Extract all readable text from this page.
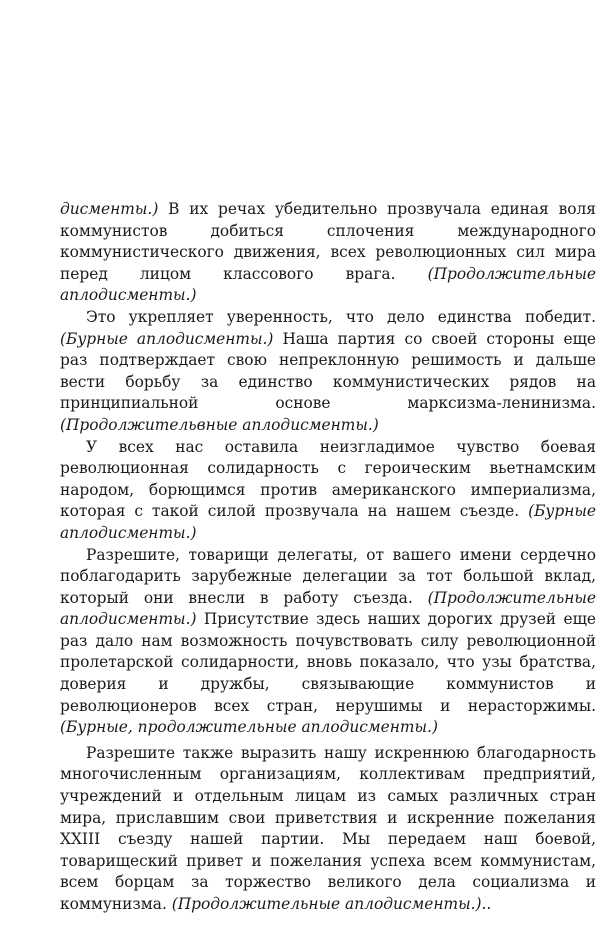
дисменты.) В их речах убедительно прозвучала единая воля коммунистов добиться сплочения международного коммунистического движения, всех революционных сил мира перед лицом классового врага. (Продолжительные аплодисменты.)

Это укрепляет уверенность, что дело единства победит. (Бурные аплодисменты.) Наша партия со своей стороны еще раз подтверждает свою непреклонную решимость и дальше вести борьбу за единство коммунистических рядов на принципиальной основе марксизма-ленинизма. (Продолжительвные аплодисменты.)

У всех нас оставила неизгладимое чувство боевая революционная солидарность с героическим вьетнамским народом, борющимся против американского империализма, которая с такой силой прозвучала на нашем съезде. (Бурные аплодисменты.)

Разрешите, товарищи делегаты, от вашего имени сердечно поблагодарить зарубежные делегации за тот большой вклад, который они внесли в работу съезда. (Продолжительные аплодисменты.) Присутствие здесь наших дорогих друзей еще раз дало нам возможность почувствовать силу революционной пролетарской солидарности, вновь показало, что узы братства, доверия и дружбы, связывающие коммунистов и революционеров всех стран, нерушимы и нерасторжимы. (Бурные, продолжительные аплодисменты.)

Разрешите также выразить нашу искреннюю благодарность многочисленным организациям, коллективам предприятий, учреждений и отдельным лицам из самых различных стран мира, приславшим свои приветствия и искренние пожелания XXIII съезду нашей партии. Мы передаем наш боевой, товарищеский привет и пожелания успеха всем коммунистам, всем борцам за торжество великого дела социализма и коммунизма. (Продолжительные аплодисменты.)..
